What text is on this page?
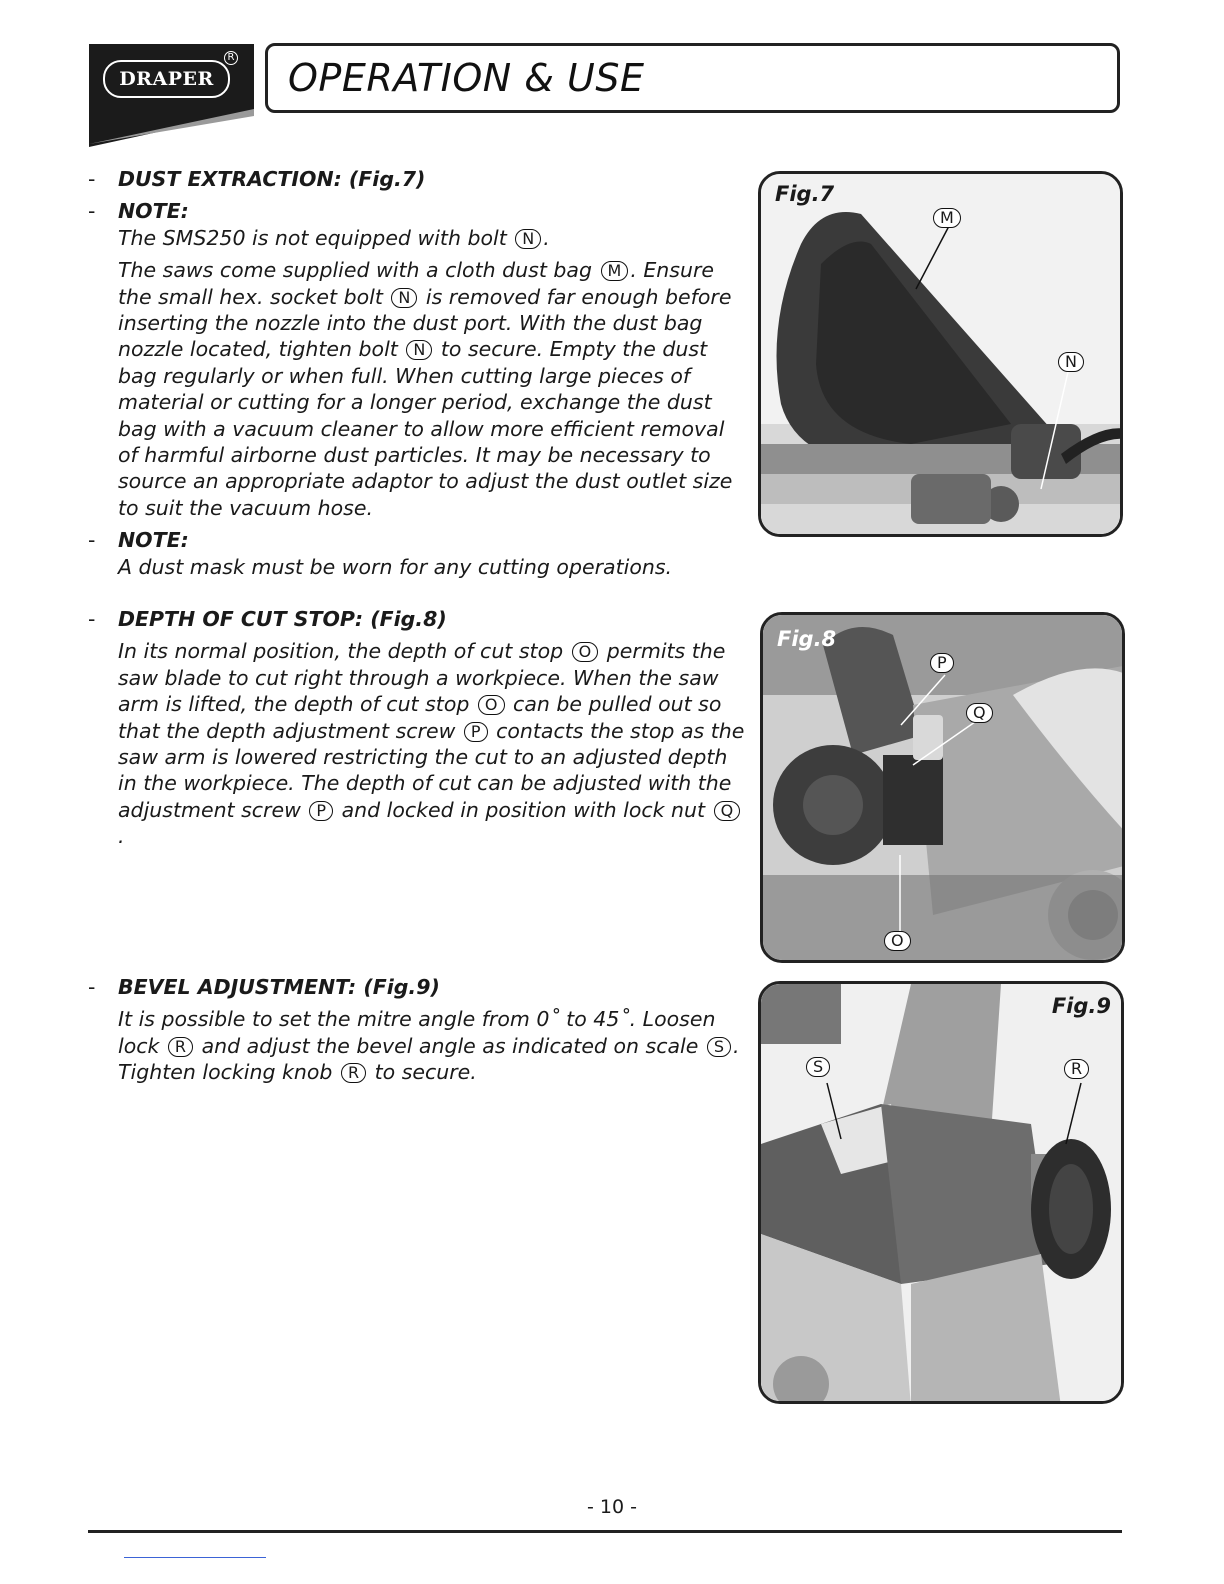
DRAPER
R OPERATION & USE
-	DUST EXTRACTION: (Fig.7)
-	NOTE:
The SMS250 is not equipped with bolt N .
The saws come supplied with a cloth dust bag M . Ensure the small hex. socket bolt N is removed far enough before inserting the nozzle into the dust port. With the dust bag nozzle located, tighten bolt N to secure. Empty the dust bag regularly or when full. When cutting large pieces of material or cutting for a longer period, exchange the dust bag with a vacuum cleaner to allow more efficient removal of harmful airborne dust particles. It may be necessary to source an appropriate adaptor to adjust the dust outlet size to suit the vacuum hose.
-	NOTE:
A dust mask must be worn for any cutting operations.
-	DEPTH OF CUT STOP: (Fig.8)
In its normal position, the depth of cut stop O permits the saw blade to cut right through a workpiece. When the saw arm is lifted, the depth of cut stop O can be pulled out so that the depth adjustment screw P contacts the stop as the saw arm is lowered restricting the cut to an adjusted depth in the workpiece. The depth of cut can be adjusted with the adjustment screw P and locked in position with lock nut Q.
-	BEVEL ADJUSTMENT: (Fig.9)
It is possible to set the mitre angle from 0˚ to 45˚. Loosen lock R and adjust the bevel angle as indicated on scale S . Tighten locking knob R to secure.
Fig.7
M
N
Fig.8
P
Q
O
Fig.9
S	R
- 10 -
